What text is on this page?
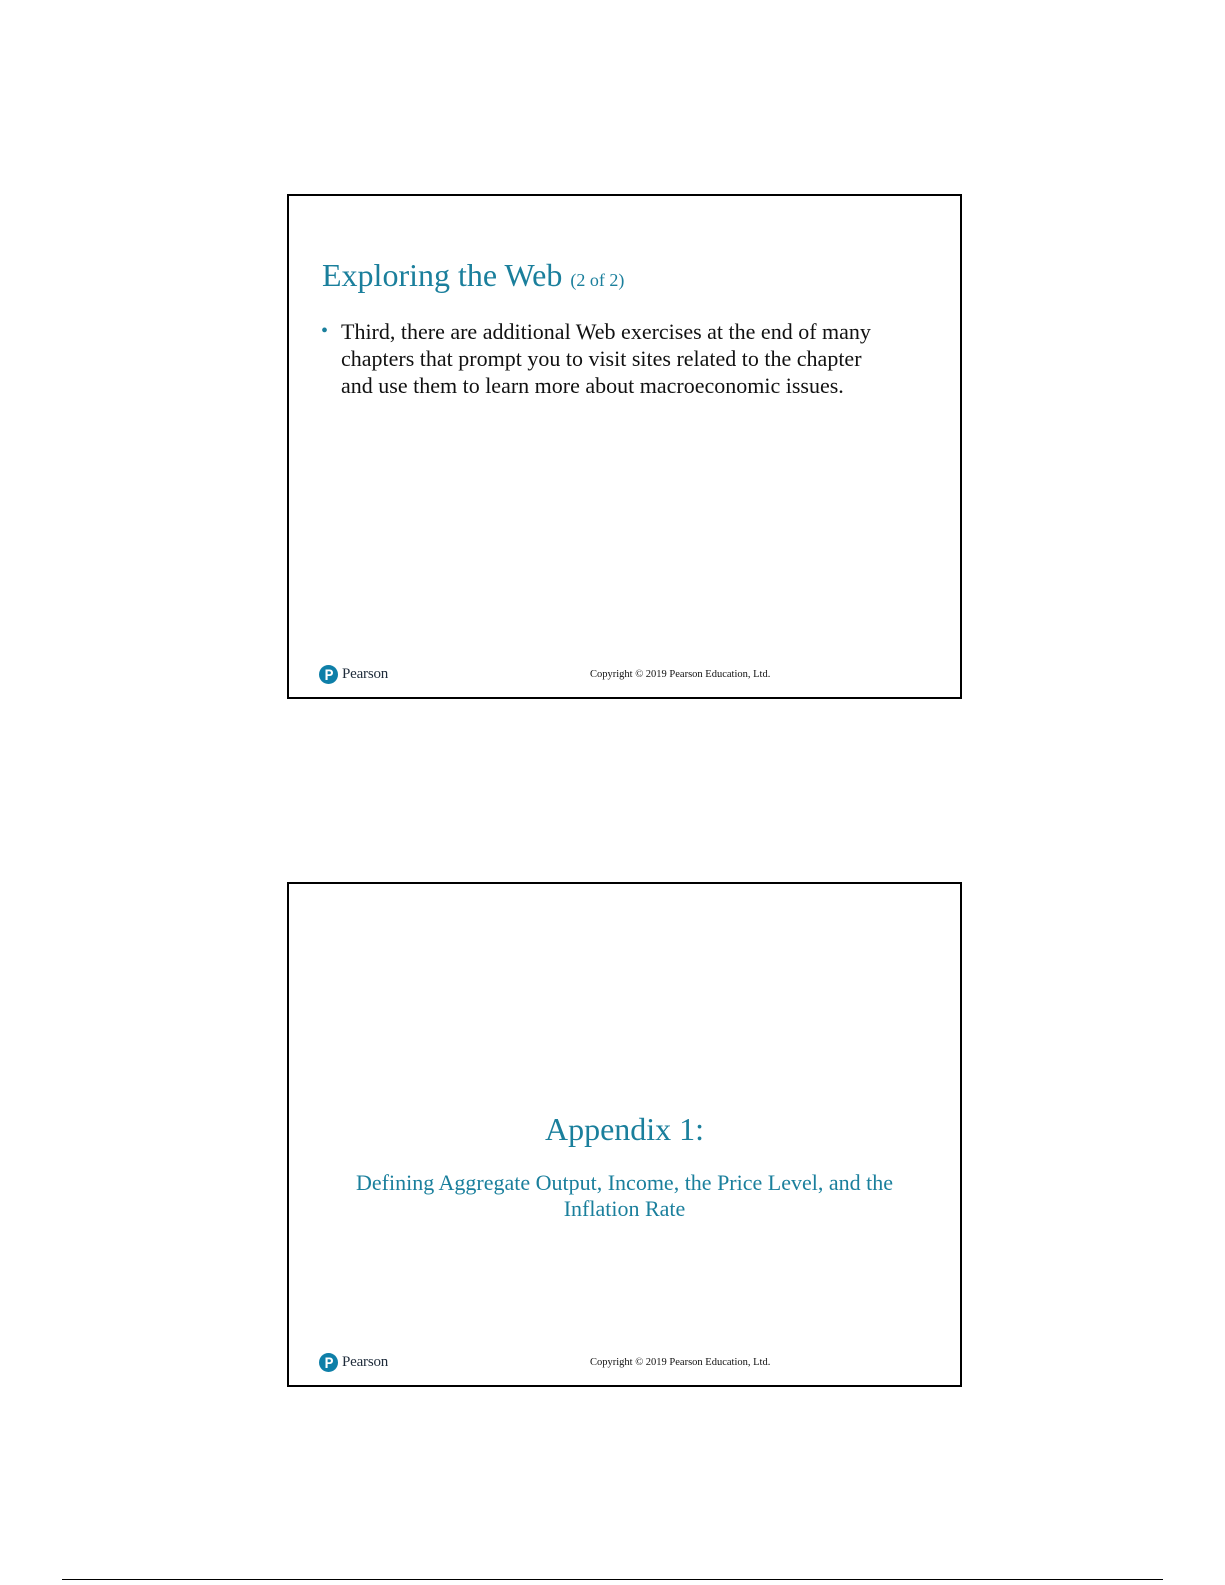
Exploring the Web (2 of 2)
• Third, there are additional Web exercises at the end of many chapters that prompt you to visit sites related to the chapter and use them to learn more about macroeconomic issues.
Pearson	Copyright © 2019 Pearson Education, Ltd.
Appendix 1:
Defining Aggregate Output, Income, the Price Level, and the Inflation Rate
Pearson	Copyright © 2019 Pearson Education, Ltd.
